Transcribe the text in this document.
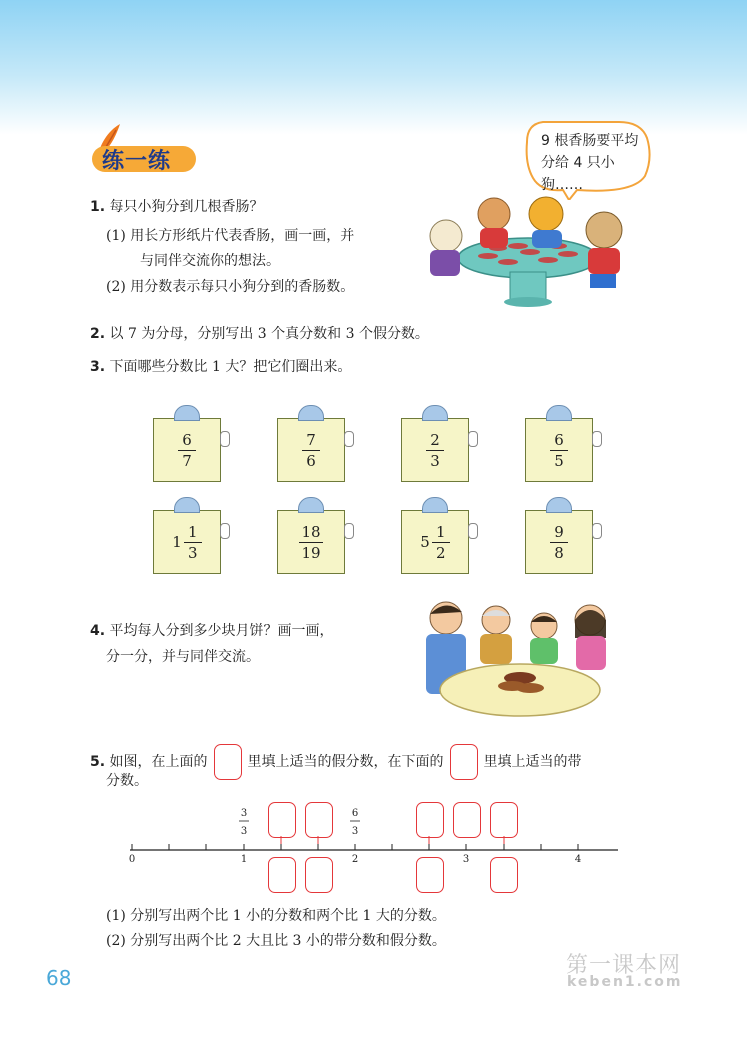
练一练
9 根香肠要平均分给 4 只小狗……
1. 每只小狗分到几根香肠？
(1) 用长方形纸片代表香肠，画一画，并
与同伴交流你的想法。
(2) 用分数表示每只小狗分到的香肠数。
2. 以 7 为分母，分别写出 3 个真分数和 3 个假分数。
3. 下面哪些分数比 1 大？把它们圈出来。
6
7
7
6
2
3
6
5
1
1
3
18
19
5
1
2
9
8
4. 平均每人分到多少块月饼？画一画，
分一分，并与同伴交流。
5. 如图，在上面的	里填上适当的假分数，在下面的	里填上适当的带
分数。
0	1	2	3	4
3
3
6
3
(1) 分别写出两个比 1 小的分数和两个比 1 大的分数。
(2) 分别写出两个比 2 大且比 3 小的带分数和假分数。
68	第一课本网
keben1.com
